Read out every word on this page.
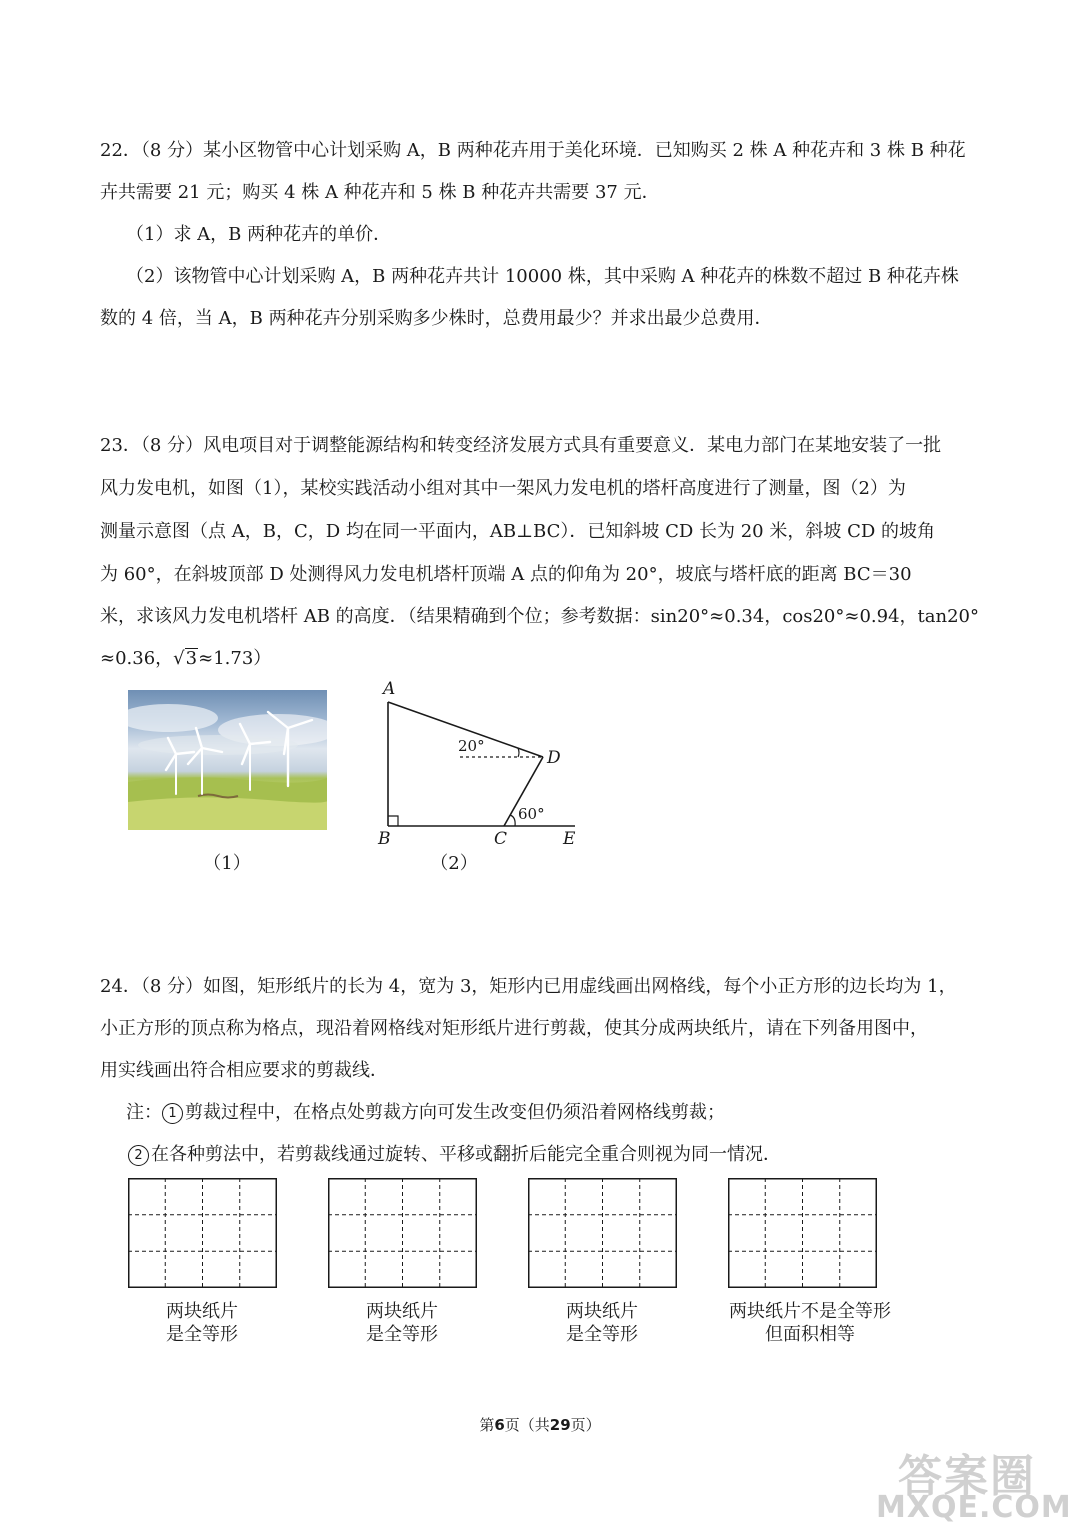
22．（8 分）某小区物管中心计划采购 A，B 两种花卉用于美化环境．已知购买 2 株 A 种花卉和 3 株 B 种花
卉共需要 21 元；购买 4 株 A 种花卉和 5 株 B 种花卉共需要 37 元．
（1）求 A，B 两种花卉的单价．
（2）该物管中心计划采购 A，B 两种花卉共计 10000 株，其中采购 A 种花卉的株数不超过 B 种花卉株
数的 4 倍，当 A，B 两种花卉分别采购多少株时，总费用最少？并求出最少总费用．
23．（8 分）风电项目对于调整能源结构和转变经济发展方式具有重要意义．某电力部门在某地安装了一批
风力发电机，如图（1），某校实践活动小组对其中一架风力发电机的塔杆高度进行了测量，图（2）为
测量示意图（点 A，B，C，D 均在同一平面内，AB⊥BC）．已知斜坡 CD 长为 20 米，斜坡 CD 的坡角
为 60°，在斜坡顶部 D 处测得风力发电机塔杆顶端 A 点的仰角为 20°，坡底与塔杆底的距离 BC＝30
米，求该风力发电机塔杆 AB 的高度．（结果精确到个位；参考数据：sin20°≈0.34，cos20°≈0.94，tan20°
≈0.36，√3≈1.73）
（1）
A
B	C
D
E
20°
60°
（2）
24．（8 分）如图，矩形纸片的长为 4，宽为 3，矩形内已用虚线画出网格线，每个小正方形的边长均为 1，
小正方形的顶点称为格点，现沿着网格线对矩形纸片进行剪裁，使其分成两块纸片，请在下列备用图中，
用实线画出符合相应要求的剪裁线．
注： 1 剪裁过程中，在格点处剪裁方向可发生改变但仍须沿着网格线剪裁；
2 在各种剪法中，若剪裁线通过旋转、平移或翻折后能完全重合则视为同一情况．
两块纸片
是全等形
两块纸片
是全等形
两块纸片
是全等形
两块纸片不是全等形
但面积相等
第6页（共29页）
答案圈
MXQE.COM
